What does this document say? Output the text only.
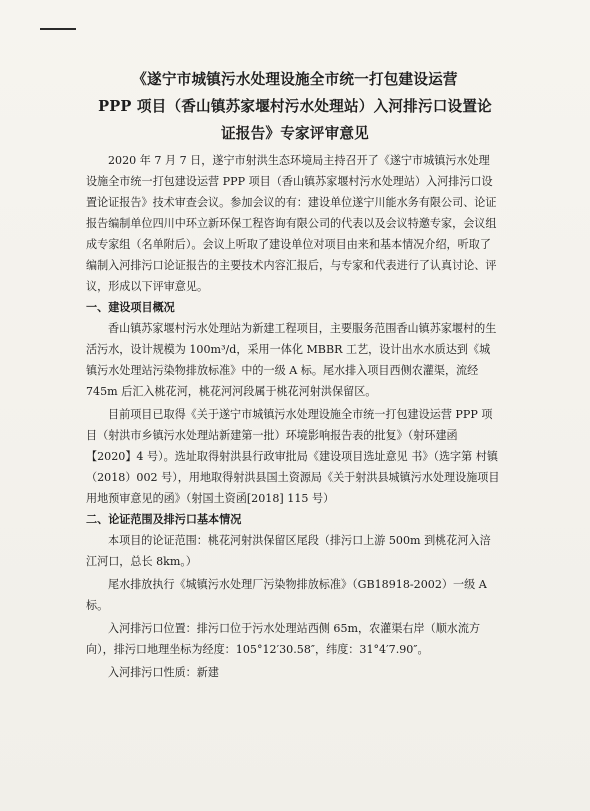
《遂宁市城镇污水处理设施全市统一打包建设运营
PPP 项目（香山镇苏家堰村污水处理站）入河排污口设置论
证报告》专家评审意见

2020 年 7 月 7 日，遂宁市射洪生态环境局主持召开了《遂宁市城镇污水处理设施全市统一打包建设运营 PPP 项目（香山镇苏家堰村污水处理站）入河排污口设置论证报告》技术审查会议。参加会议的有：建设单位遂宁川能水务有限公司、论证报告编制单位四川中环立新环保工程咨询有限公司的代表以及会议特邀专家，会议组成专家组（名单附后）。会议上听取了建设单位对项目由来和基本情况介绍，听取了编制入河排污口论证报告的主要技术内容汇报后，与专家和代表进行了认真讨论、评议，形成以下评审意见。

一、建设项目概况

香山镇苏家堰村污水处理站为新建工程项目，主要服务范围香山镇苏家堰村的生活污水，设计规模为 100m³/d，采用一体化 MBBR 工艺，设计出水水质达到《城镇污水处理站污染物排放标准》中的一级 A 标。尾水排入项目西侧农灌渠，流经 745m 后汇入桃花河，桃花河河段属于桃花河射洪保留区。

目前项目已取得《关于遂宁市城镇污水处理设施全市统一打包建设运营 PPP 项目（射洪市乡镇污水处理站新建第一批）环境影响报告表的批复》（射环建函【2020】4 号）。选址取得射洪县行政审批局《建设项目选址意见 书》（选字第 村镇（2018）002 号），用地取得射洪县国土资源局《关于射洪县城镇污水处理设施项目用地预审意见的函》（射国土资函[2018] 115 号）

二、论证范围及排污口基本情况

本项目的论证范围：桃花河射洪保留区尾段（排污口上游 500m 到桃花河入涪江河口，总长 8km。）

尾水排放执行《城镇污水处理厂污染物排放标准》（GB18918-2002）一级 A 标。

入河排污口位置：排污口位于污水处理站西侧 65m，农灌渠右岸（顺水流方向），排污口地理坐标为经度：105°12′30.58″，纬度：31°4′7.90″。

入河排污口性质：新建
